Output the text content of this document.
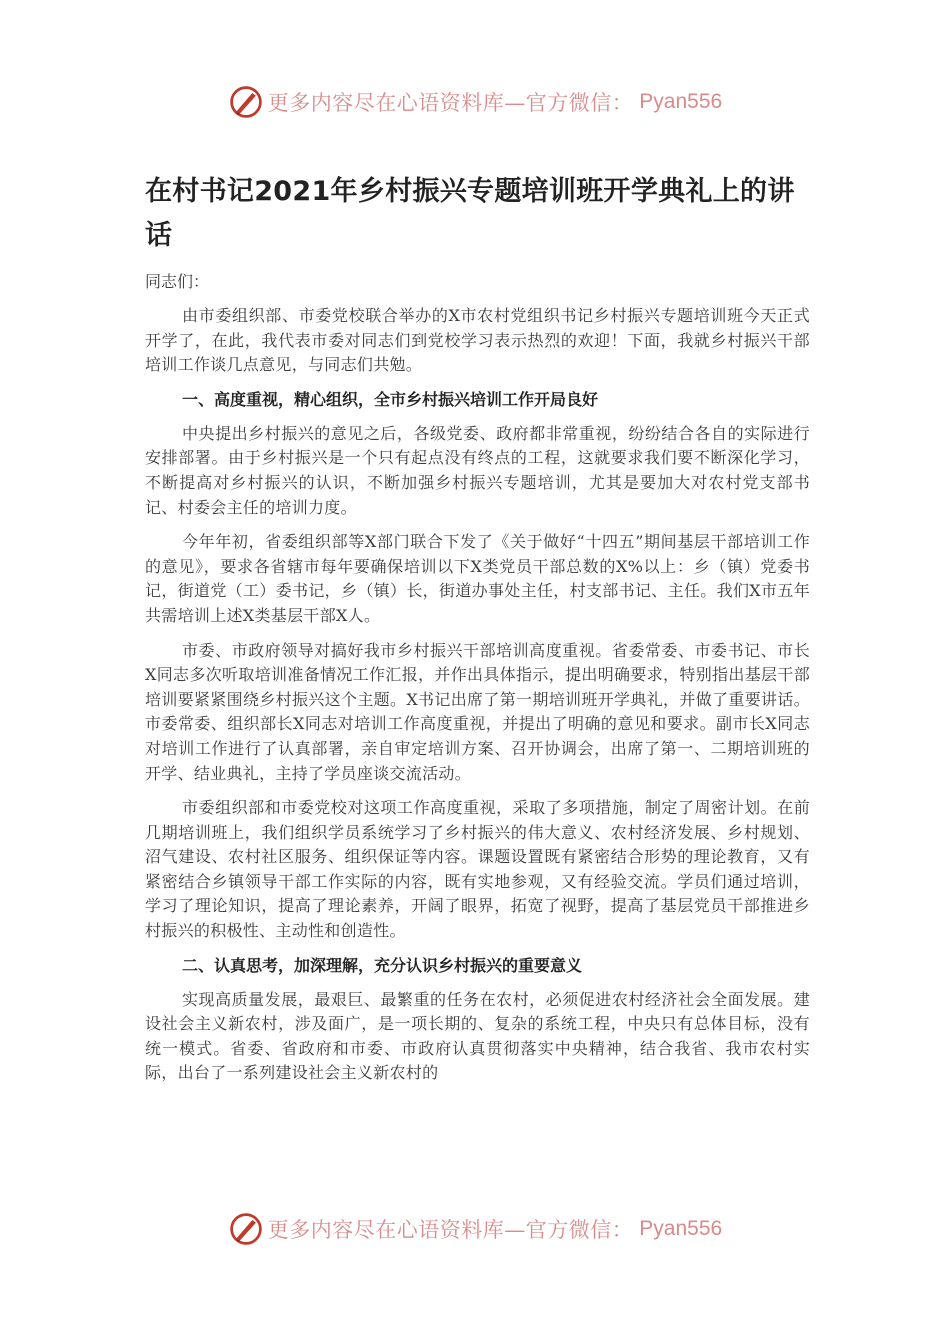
更多内容尽在心语资料库—官方微信： Pyan556
在村书记2021年乡村振兴专题培训班开学典礼上的讲话

同志们：

由市委组织部、市委党校联合举办的X市农村党组织书记乡村振兴专题培训班今天正式开学了，在此，我代表市委对同志们到党校学习表示热烈的欢迎！下面，我就乡村振兴干部培训工作谈几点意见，与同志们共勉。

一、高度重视，精心组织，全市乡村振兴培训工作开局良好

中央提出乡村振兴的意见之后，各级党委、政府都非常重视，纷纷结合各自的实际进行安排部署。由于乡村振兴是一个只有起点没有终点的工程，这就要求我们要不断深化学习，不断提高对乡村振兴的认识，不断加强乡村振兴专题培训，尤其是要加大对农村党支部书记、村委会主任的培训力度。

今年年初，省委组织部等X部门联合下发了《关于做好“十四五”期间基层干部培训工作的意见》，要求各省辖市每年要确保培训以下X类党员干部总数的X%以上：乡（镇）党委书记，街道党（工）委书记，乡（镇）长，街道办事处主任，村支部书记、主任。我们X市五年共需培训上述X类基层干部X人。

市委、市政府领导对搞好我市乡村振兴干部培训高度重视。省委常委、市委书记、市长X同志多次听取培训准备情况工作汇报，并作出具体指示，提出明确要求，特别指出基层干部培训要紧紧围绕乡村振兴这个主题。X书记出席了第一期培训班开学典礼，并做了重要讲话。市委常委、组织部长X同志对培训工作高度重视，并提出了明确的意见和要求。副市长X同志对培训工作进行了认真部署，亲自审定培训方案、召开协调会，出席了第一、二期培训班的开学、结业典礼，主持了学员座谈交流活动。

市委组织部和市委党校对这项工作高度重视，采取了多项措施，制定了周密计划。在前几期培训班上，我们组织学员系统学习了乡村振兴的伟大意义、农村经济发展、乡村规划、沼气建设、农村社区服务、组织保证等内容。课题设置既有紧密结合形势的理论教育，又有紧密结合乡镇领导干部工作实际的内容，既有实地参观，又有经验交流。学员们通过培训，学习了理论知识，提高了理论素养，开阔了眼界，拓宽了视野，提高了基层党员干部推进乡村振兴的积极性、主动性和创造性。

二、认真思考，加深理解，充分认识乡村振兴的重要意义

实现高质量发展，最艰巨、最繁重的任务在农村，必须促进农村经济社会全面发展。建设社会主义新农村，涉及面广，是一项长期的、复杂的系统工程，中央只有总体目标，没有统一模式。省委、省政府和市委、市政府认真贯彻落实中央精神，结合我省、我市农村实际，出台了一系列建设社会主义新农村的

更多内容尽在心语资料库—官方微信： Pyan556
